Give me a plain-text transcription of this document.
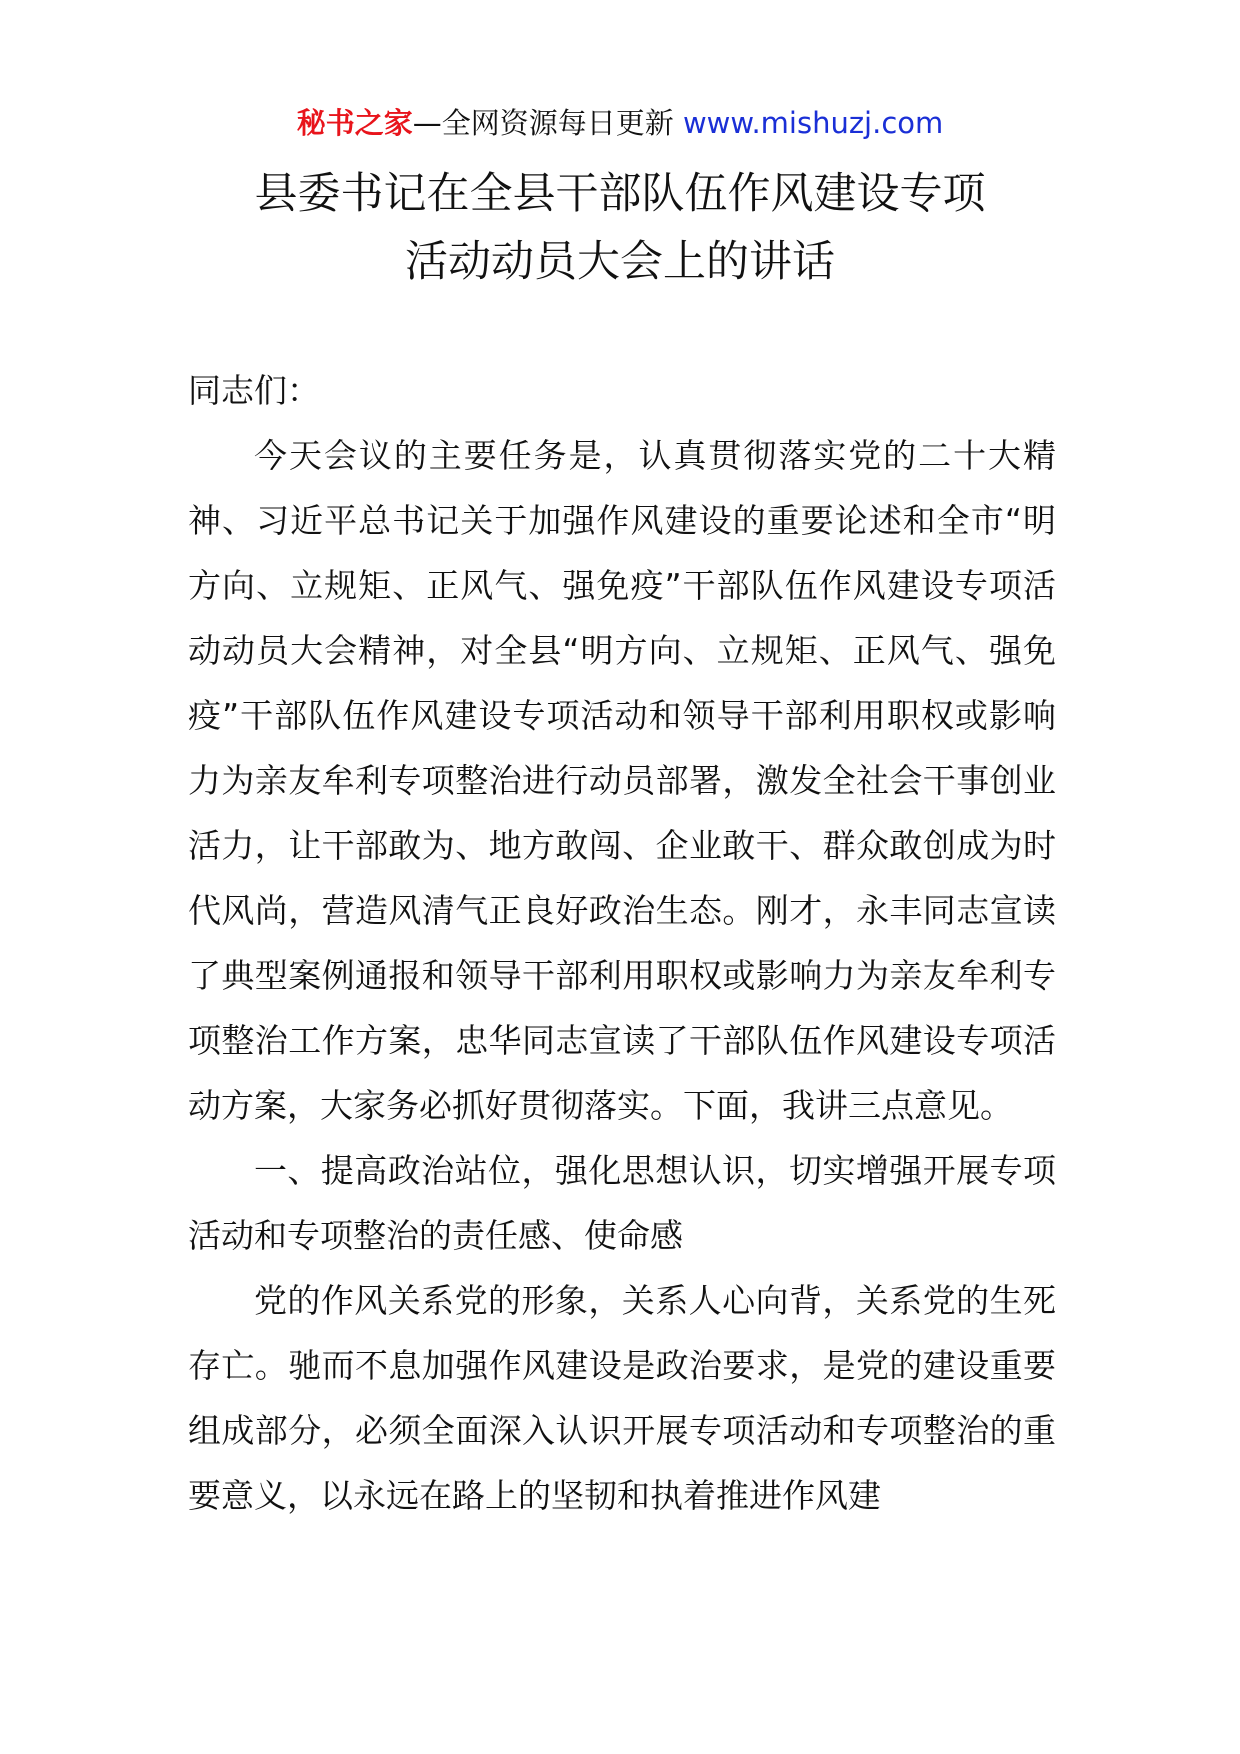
秘书之家—全网资源每日更新 www.mishuzj.com
县委书记在全县干部队伍作风建设专项
活动动员大会上的讲话

同志们：

今天会议的主要任务是，认真贯彻落实党的二十大精神、习近平总书记关于加强作风建设的重要论述和全市“明方向、立规矩、正风气、强免疫”干部队伍作风建设专项活动动员大会精神，对全县“明方向、立规矩、正风气、强免疫”干部队伍作风建设专项活动和领导干部利用职权或影响力为亲友牟利专项整治进行动员部署，激发全社会干事创业活力，让干部敢为、地方敢闯、企业敢干、群众敢创成为时代风尚，营造风清气正良好政治生态。刚才，永丰同志宣读了典型案例通报和领导干部利用职权或影响力为亲友牟利专项整治工作方案，忠华同志宣读了干部队伍作风建设专项活动方案，大家务必抓好贯彻落实。下面，我讲三点意见。

一、提高政治站位，强化思想认识，切实增强开展专项活动和专项整治的责任感、使命感

党的作风关系党的形象，关系人心向背，关系党的生死存亡。驰而不息加强作风建设是政治要求，是党的建设重要组成部分，必须全面深入认识开展专项活动和专项整治的重要意义，以永远在路上的坚韧和执着推进作风建
